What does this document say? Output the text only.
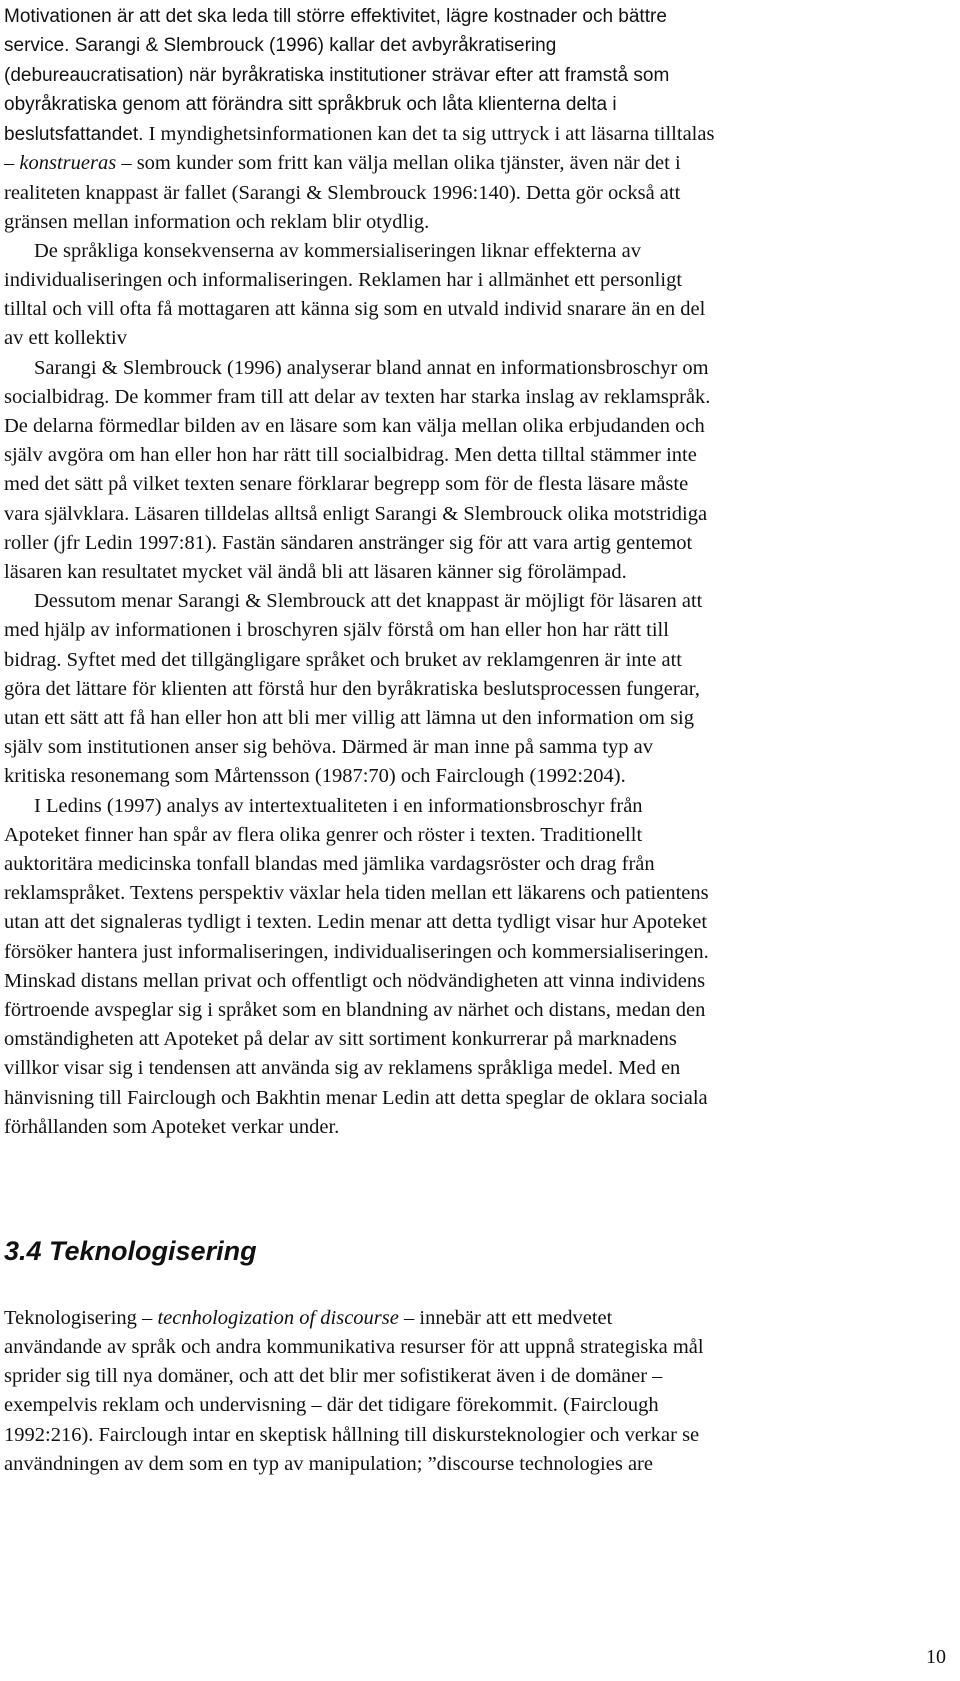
Motivationen är att det ska leda till större effektivitet, lägre kostnader och bättre
service. Sarangi & Slembrouck (1996) kallar det avbyråkratisering
(debureaucratisation) när byråkratiska institutioner strävar efter att framstå som
obyråkratiska genom att förändra sitt språkbruk och låta klienterna delta i
beslutsfattandet. I myndighetsinformationen kan det ta sig uttryck i att läsarna tilltalas
– konstrueras – som kunder som fritt kan välja mellan olika tjänster, även när det i
realiteten knappast är fallet (Sarangi & Slembrouck 1996:140). Detta gör också att
gränsen mellan information och reklam blir otydlig.
De språkliga konsekvenserna av kommersialiseringen liknar effekterna av
individualiseringen och informaliseringen. Reklamen har i allmänhet ett personligt
tilltal och vill ofta få mottagaren att känna sig som en utvald individ snarare än en del
av ett kollektiv
Sarangi & Slembrouck (1996) analyserar bland annat en informationsbroschyr om
socialbidrag. De kommer fram till att delar av texten har starka inslag av reklamspråk.
De delarna förmedlar bilden av en läsare som kan välja mellan olika erbjudanden och
själv avgöra om han eller hon har rätt till socialbidrag. Men detta tilltal stämmer inte
med det sätt på vilket texten senare förklarar begrepp som för de flesta läsare måste
vara självklara. Läsaren tilldelas alltså enligt Sarangi & Slembrouck olika motstridiga
roller (jfr Ledin 1997:81). Fastän sändaren anstränger sig för att vara artig gentemot
läsaren kan resultatet mycket väl ändå bli att läsaren känner sig förolämpad.
Dessutom menar Sarangi & Slembrouck att det knappast är möjligt för läsaren att
med hjälp av informationen i broschyren själv förstå om han eller hon har rätt till
bidrag. Syftet med det tillgängligare språket och bruket av reklamgenren är inte att
göra det lättare för klienten att förstå hur den byråkratiska beslutsprocessen fungerar,
utan ett sätt att få han eller hon att bli mer villig att lämna ut den information om sig
själv som institutionen anser sig behöva. Därmed är man inne på samma typ av
kritiska resonemang som Mårtensson (1987:70) och Fairclough (1992:204).
I Ledins (1997) analys av intertextualiteten i en informationsbroschyr från
Apoteket finner han spår av flera olika genrer och röster i texten. Traditionellt
auktoritära medicinska tonfall blandas med jämlika vardagsröster och drag från
reklamspråket. Textens perspektiv växlar hela tiden mellan ett läkarens och patientens
utan att det signaleras tydligt i texten. Ledin menar att detta tydligt visar hur Apoteket
försöker hantera just informaliseringen, individualiseringen och kommersialiseringen.
Minskad distans mellan privat och offentligt och nödvändigheten att vinna individens
förtroende avspeglar sig i språket som en blandning av närhet och distans, medan den
omständigheten att Apoteket på delar av sitt sortiment konkurrerar på marknadens
villkor visar sig i tendensen att använda sig av reklamens språkliga medel. Med en
hänvisning till Fairclough och Bakhtin menar Ledin att detta speglar de oklara sociala
förhållanden som Apoteket verkar under.
3.4 Teknologisering
Teknologisering – tecnhologization of discourse – innebär att ett medvetet
användande av språk och andra kommunikativa resurser för att uppnå strategiska mål
sprider sig till nya domäner, och att det blir mer sofistikerat även i de domäner –
exempelvis reklam och undervisning – där det tidigare förekommit. (Fairclough
1992:216). Fairclough intar en skeptisk hållning till diskursteknologier och verkar se
användningen av dem som en typ av manipulation; ”discourse technologies are
10
